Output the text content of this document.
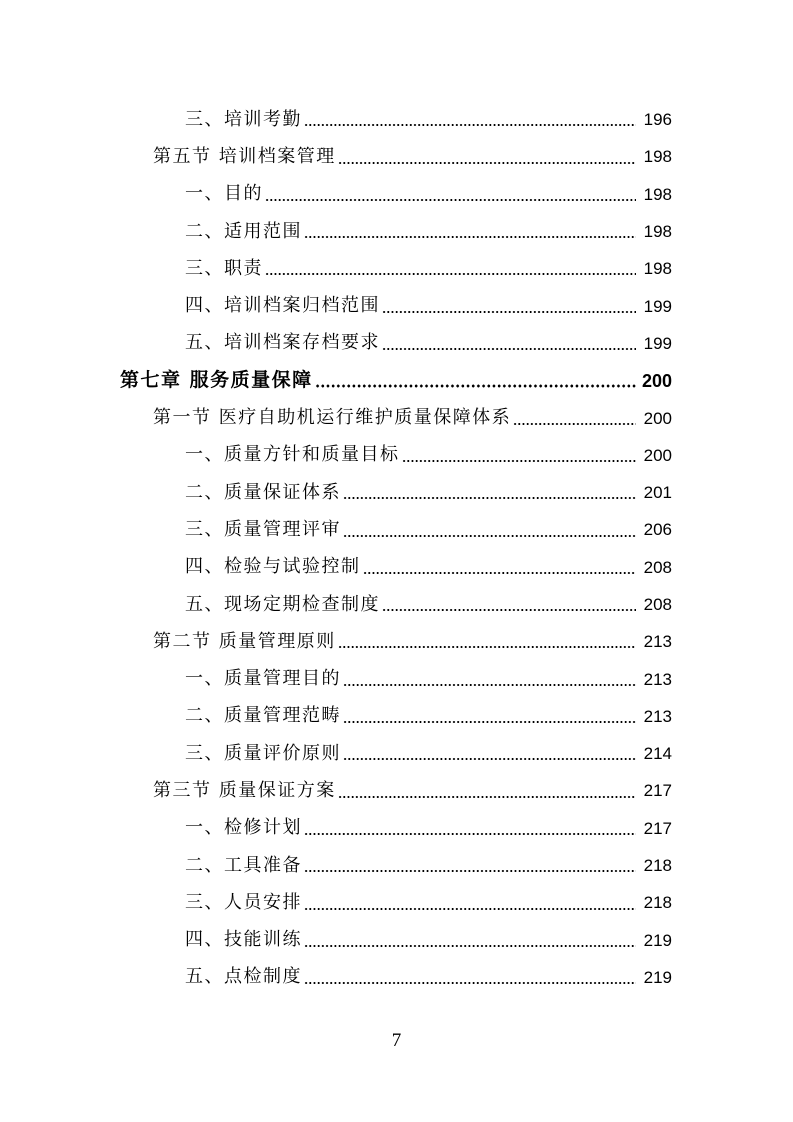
三、培训考勤	196
第五节 培训档案管理	198
一、目的	198
二、适用范围	198
三、职责	198
四、培训档案归档范围	199
五、培训档案存档要求	199
第七章 服务质量保障	200
第一节 医疗自助机运行维护质量保障体系	200
一、质量方针和质量目标	200
二、质量保证体系	201
三、质量管理评审	206
四、检验与试验控制	208
五、现场定期检查制度	208
第二节 质量管理原则	213
一、质量管理目的	213
二、质量管理范畴	213
三、质量评价原则	214
第三节 质量保证方案	217
一、检修计划	217
二、工具准备	218
三、人员安排	218
四、技能训练	219
五、点检制度	219
7
